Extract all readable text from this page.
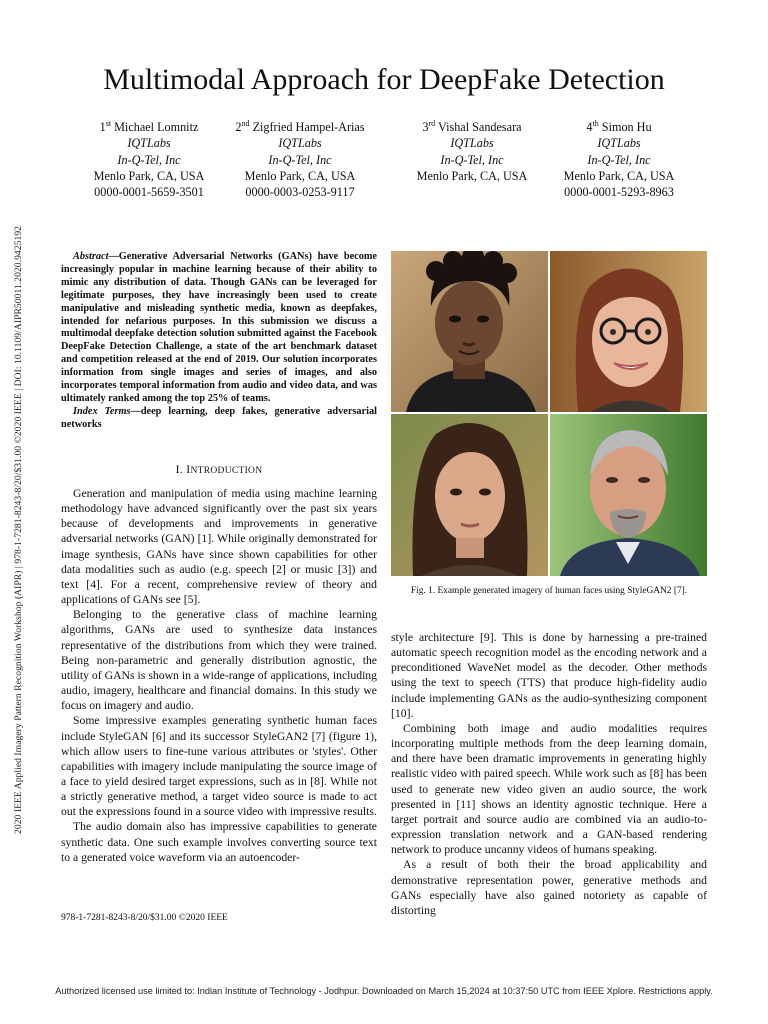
2020 IEEE Applied Imagery Pattern Recognition Workshop (AIPR) | 978-1-7281-8243-8/20/$31.00 ©2020 IEEE | DOI: 10.1109/AIPR50011.2020.9425192
Multimodal Approach for DeepFake Detection
1st Michael Lomnitz
IQTLabs
In-Q-Tel, Inc
Menlo Park, CA, USA
0000-0001-5659-3501
2nd Zigfried Hampel-Arias
IQTLabs
In-Q-Tel, Inc
Menlo Park, CA, USA
0000-0003-0253-9117
3rd Vishal Sandesara
IQTLabs
In-Q-Tel, Inc
Menlo Park, CA, USA
4th Simon Hu
IQTLabs
In-Q-Tel, Inc
Menlo Park, CA, USA
0000-0001-5293-8963

Abstract—Generative Adversarial Networks (GANs) have become increasingly popular in machine learning because of their ability to mimic any distribution of data. Though GANs can be leveraged for legitimate purposes, they have increasingly been used to create manipulative and misleading synthetic media, known as deepfakes, intended for nefarious purposes. In this submission we discuss a multimodal deepfake detection solution submitted against the Facebook DeepFake Detection Challenge, a state of the art benchmark dataset and competition released at the end of 2019. Our solution incorporates information from single images and series of images, and also incorporates temporal information from audio and video data, and was ultimately ranked among the top 25% of teams.

Index Terms—deep learning, deep fakes, generative adversarial networks

I. INTRODUCTION

Generation and manipulation of media using machine learning methodology have advanced significantly over the past six years because of developments and improvements in generative adversarial networks (GAN) [1]. While originally demonstrated for image synthesis, GANs have since shown capabilities for other data modalities such as audio (e.g. speech [2] or music [3]) and text [4]. For a recent, comprehensive review of theory and applications of GANs see [5].

Belonging to the generative class of machine learning algorithms, GANs are used to synthesize data instances representative of the distributions from which they were trained. Being non-parametric and generally distribution agnostic, the utility of GANs is shown in a wide-range of applications, including audio, imagery, healthcare and financial domains. In this study we focus on imagery and audio.

Some impressive examples generating synthetic human faces include StyleGAN [6] and its successor StyleGAN2 [7] (figure 1), which allow users to fine-tune various attributes or 'styles'. Other capabilities with imagery include manipulating the source image of a face to yield desired target expressions, such as in [8]. While not a strictly generative method, a target video source is made to act out the expressions found in a source video with impressive results.

The audio domain also has impressive capabilities to generate synthetic data. One such example involves converting source text to a generated voice waveform via an autoencoder-

Fig. 1. Example generated imagery of human faces using StyleGAN2 [7].

style architecture [9]. This is done by harnessing a pre-trained automatic speech recognition model as the encoding network and a preconditioned WaveNet model as the decoder. Other methods using the text to speech (TTS) that produce high-fidelity audio include implementing GANs as the audio-synthesizing component [10].

Combining both image and audio modalities requires incorporating multiple methods from the deep learning domain, and there have been dramatic improvements in generating highly realistic video with paired speech. While work such as [8] has been used to generate new video given an audio source, the work presented in [11] shows an identity agnostic technique. Here a target portrait and source audio are combined via an audio-to-expression translation network and a GAN-based rendering network to produce uncanny videos of humans speaking.

As a result of both their the broad applicability and demonstrative representation power, generative methods and GANs especially have also gained notoriety as capable of distorting

978-1-7281-8243-8/20/$31.00 ©2020 IEEE
Authorized licensed use limited to: Indian Institute of Technology - Jodhpur. Downloaded on March 15,2024 at 10:37:50 UTC from IEEE Xplore. Restrictions apply.
